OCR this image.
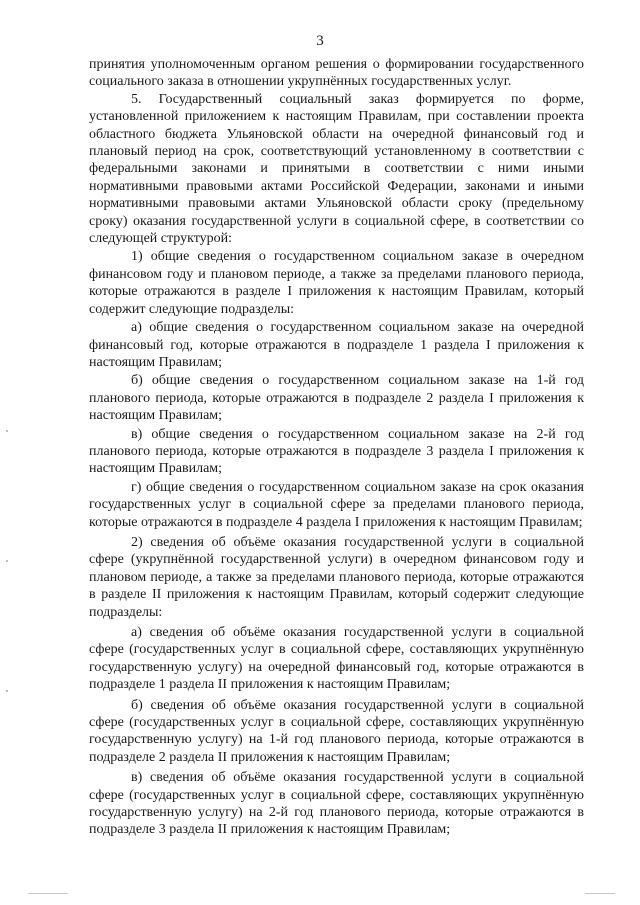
3

принятия уполномоченным органом решения о формировании государственного социального заказа в отношении укрупнённых государственных услуг.

5. Государственный социальный заказ формируется по форме, установленной приложением к настоящим Правилам, при составлении проекта областного бюджета Ульяновской области на очередной финансовый год и плановый период на срок, соответствующий установленному в соответствии с федеральными законами и принятыми в соответствии с ними иными нормативными правовыми актами Российской Федерации, законами и иными нормативными правовыми актами Ульяновской области сроку (предельному сроку) оказания государственной услуги в социальной сфере, в соответствии со следующей структурой:

1) общие сведения о государственном социальном заказе в очередном финансовом году и плановом периоде, а также за пределами планового периода, которые отражаются в разделе I приложения к настоящим Правилам, который содержит следующие подразделы:

а) общие сведения о государственном социальном заказе на очередной финансовый год, которые отражаются в подразделе 1 раздела I приложения к настоящим Правилам;

б) общие сведения о государственном социальном заказе на 1-й год планового периода, которые отражаются в подразделе 2 раздела I приложения к настоящим Правилам;

в) общие сведения о государственном социальном заказе на 2-й год планового периода, которые отражаются в подразделе 3 раздела I приложения к настоящим Правилам;

г) общие сведения о государственном социальном заказе на срок оказания государственных услуг в социальной сфере за пределами планового периода, которые отражаются в подразделе 4 раздела I приложения к настоящим Правилам;

2) сведения об объёме оказания государственной услуги в социальной сфере (укрупнённой государственной услуги) в очередном финансовом году и плановом периоде, а также за пределами планового периода, которые отражаются в разделе II приложения к настоящим Правилам, который содержит следующие подразделы:

а) сведения об объёме оказания государственной услуги в социальной сфере (государственных услуг в социальной сфере, составляющих укрупнённую государственную услугу) на очередной финансовый год, которые отражаются в подразделе 1 раздела II приложения к настоящим Правилам;

б) сведения об объёме оказания государственной услуги в социальной сфере (государственных услуг в социальной сфере, составляющих укрупнённую государственную услугу) на 1-й год планового периода, которые отражаются в подразделе 2 раздела II приложения к настоящим Правилам;

в) сведения об объёме оказания государственной услуги в социальной сфере (государственных услуг в социальной сфере, составляющих укрупнённую государственную услугу) на 2-й год планового периода, которые отражаются в подразделе 3 раздела II приложения к настоящим Правилам;
